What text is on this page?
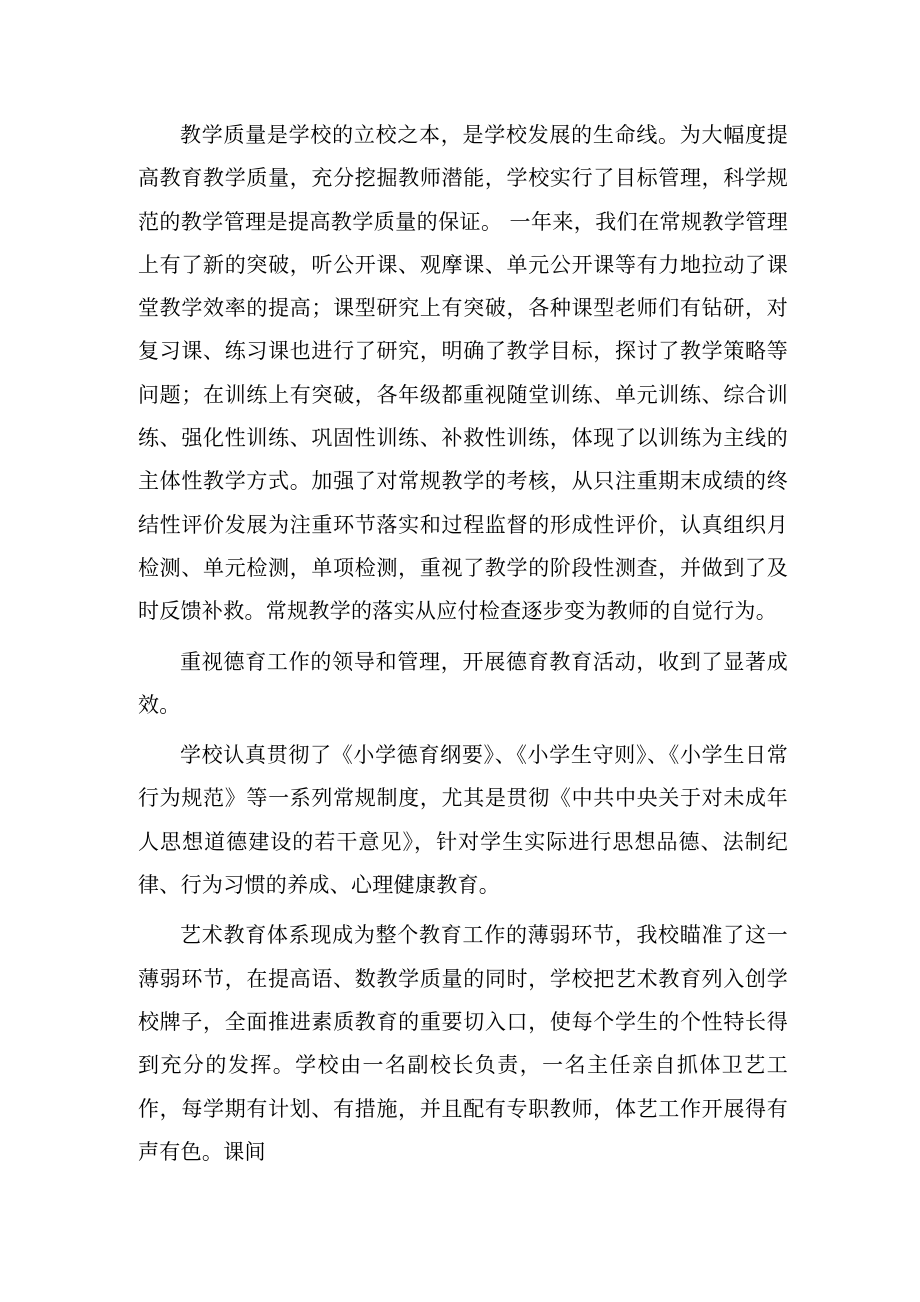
教学质量是学校的立校之本，是学校发展的生命线。为大幅度提高教育教学质量，充分挖掘教师潜能，学校实行了目标管理，科学规范的教学管理是提高教学质量的保证。 一年来，我们在常规教学管理上有了新的突破，听公开课、观摩课、单元公开课等有力地拉动了课堂教学效率的提高；课型研究上有突破，各种课型老师们有钻研，对复习课、练习课也进行了研究，明确了教学目标，探讨了教学策略等问题；在训练上有突破，各年级都重视随堂训练、单元训练、综合训练、强化性训练、巩固性训练、补救性训练，体现了以训练为主线的主体性教学方式。加强了对常规教学的考核，从只注重期末成绩的终结性评价发展为注重环节落实和过程监督的形成性评价，认真组织月检测、单元检测，单项检测，重视了教学的阶段性测查，并做到了及时反馈补救。常规教学的落实从应付检查逐步变为教师的自觉行为。

重视德育工作的领导和管理，开展德育教育活动，收到了显著成效。

学校认真贯彻了《小学德育纲要》、《小学生守则》、《小学生日常行为规范》等一系列常规制度，尤其是贯彻《中共中央关于对未成年人思想道德建设的若干意见》，针对学生实际进行思想品德、法制纪律、行为习惯的养成、心理健康教育。

艺术教育体系现成为整个教育工作的薄弱环节，我校瞄准了这一薄弱环节，在提高语、数教学质量的同时，学校把艺术教育列入创学校牌子，全面推进素质教育的重要切入口，使每个学生的个性特长得到充分的发挥。学校由一名副校长负责，一名主任亲自抓体卫艺工作，每学期有计划、有措施，并且配有专职教师，体艺工作开展得有声有色。课间
